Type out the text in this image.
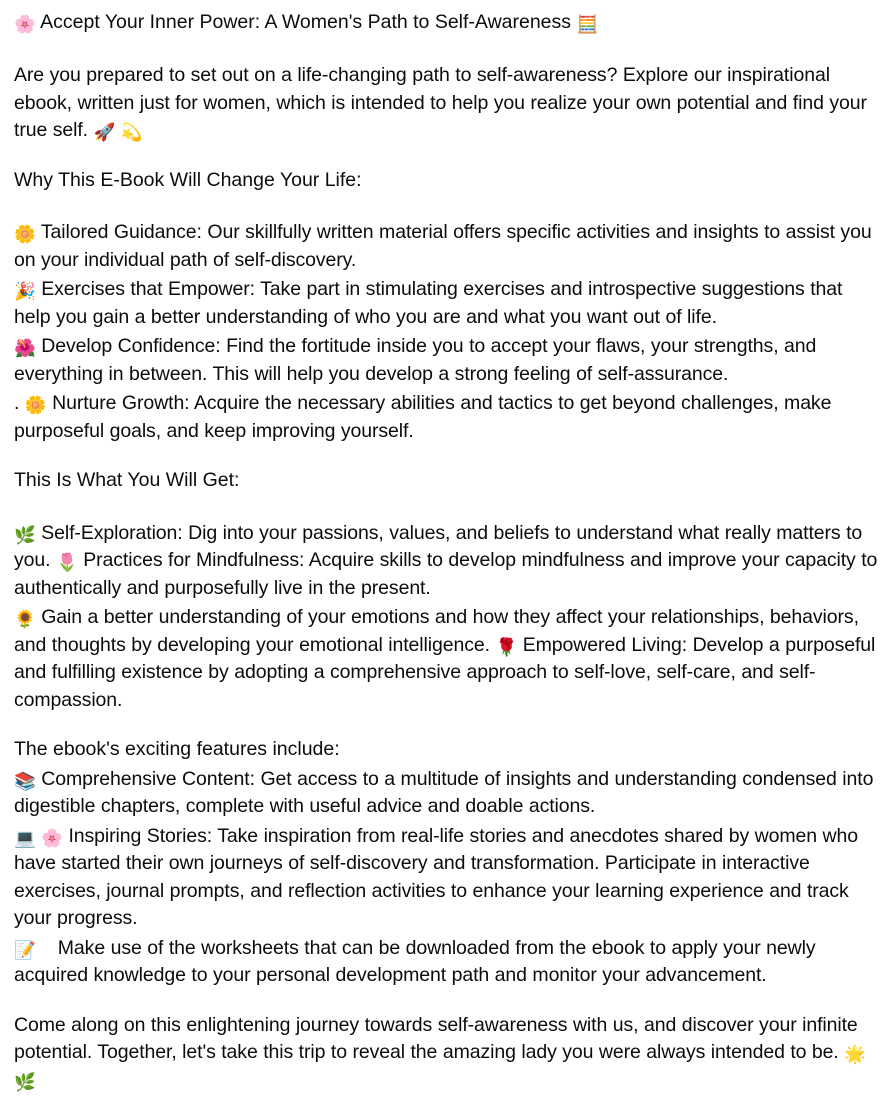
🌸 Accept Your Inner Power: A Women's Path to Self-Awareness 🧮

Are you prepared to set out on a life-changing path to self-awareness? Explore our inspirational ebook, written just for women, which is intended to help you realize your own potential and find your true self. 🚀 💫

Why This E-Book Will Change Your Life:

🌼 Tailored Guidance: Our skillfully written material offers specific activities and insights to assist you on your individual path of self-discovery.

🎉 Exercises that Empower: Take part in stimulating exercises and introspective suggestions that help you gain a better understanding of who you are and what you want out of life.

🌺 Develop Confidence: Find the fortitude inside you to accept your flaws, your strengths, and everything in between. This will help you develop a strong feeling of self-assurance.

. 🌼 Nurture Growth: Acquire the necessary abilities and tactics to get beyond challenges, make purposeful goals, and keep improving yourself.

This Is What You Will Get:

🌿 Self-Exploration: Dig into your passions, values, and beliefs to understand what really matters to you. 🌷 Practices for Mindfulness: Acquire skills to develop mindfulness and improve your capacity to authentically and purposefully live in the present.

🌻 Gain a better understanding of your emotions and how they affect your relationships, behaviors, and thoughts by developing your emotional intelligence. 🌹 Empowered Living: Develop a purposeful and fulfilling existence by adopting a comprehensive approach to self-love, self-care, and self-compassion.

The ebook's exciting features include:

📚 Comprehensive Content: Get access to a multitude of insights and understanding condensed into digestible chapters, complete with useful advice and doable actions.

💻 🌸 Inspiring Stories: Take inspiration from real-life stories and anecdotes shared by women who have started their own journeys of self-discovery and transformation. Participate in interactive exercises, journal prompts, and reflection activities to enhance your learning experience and track your progress.

📝 Make use of the worksheets that can be downloaded from the ebook to apply your newly acquired knowledge to your personal development path and monitor your advancement.

Come along on this enlightening journey towards self-awareness with us, and discover your infinite potential. Together, let's take this trip to reveal the amazing lady you were always intended to be. 🌟 🌿
